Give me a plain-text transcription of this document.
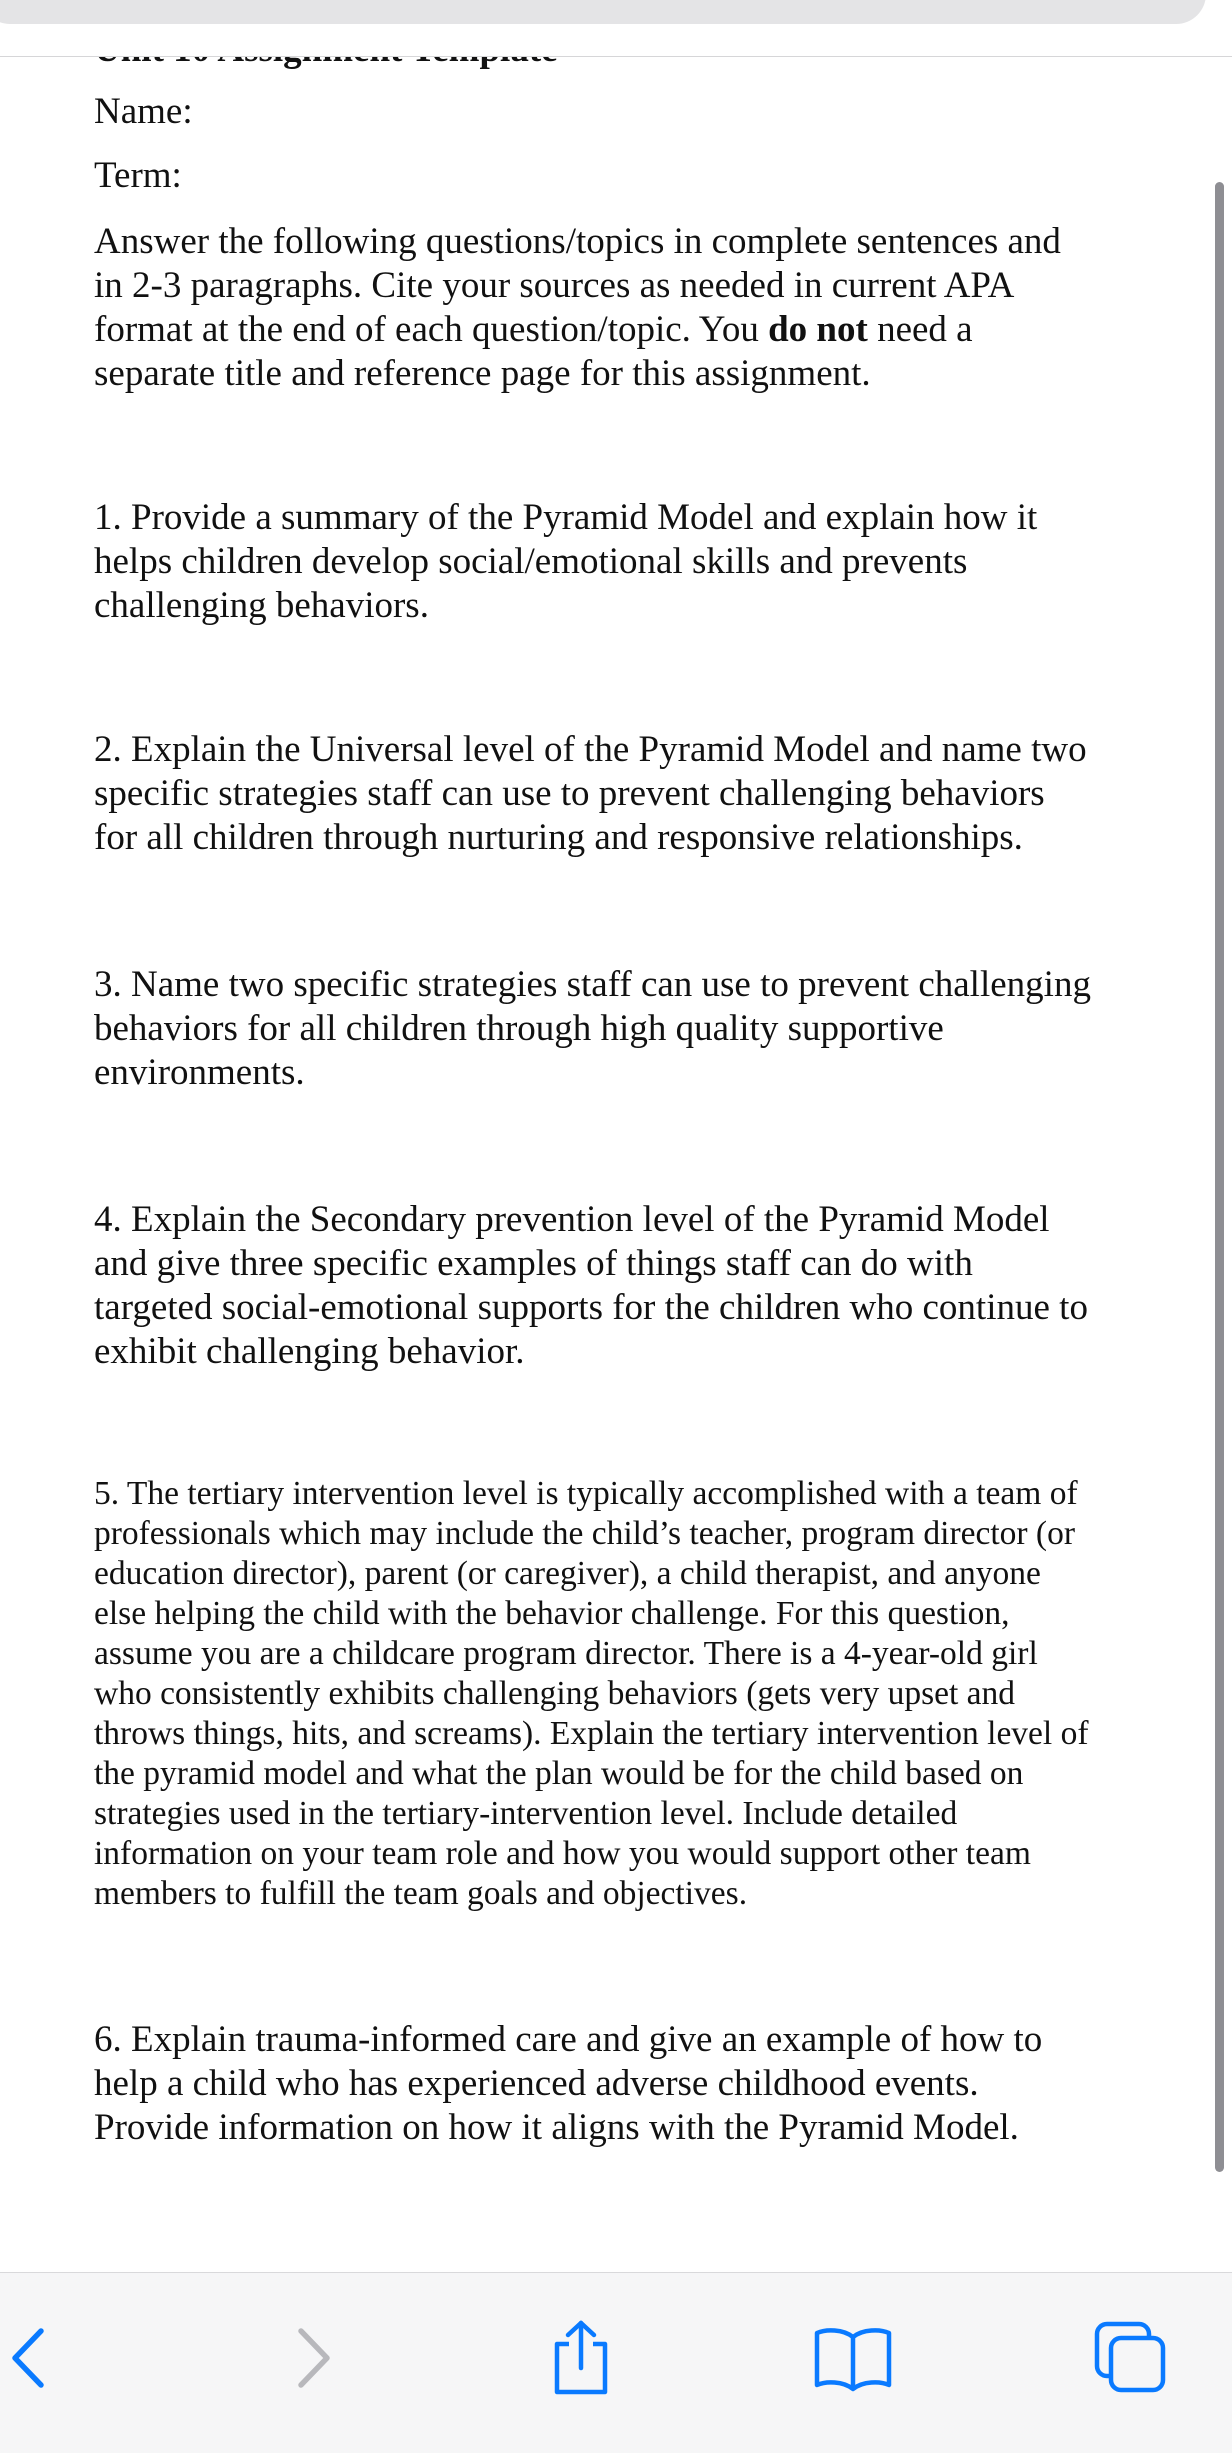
Name:

Term:

Answer the following questions/topics in complete sentences and in 2-3 paragraphs. Cite your sources as needed in current APA format at the end of each question/topic. You do not need a separate title and reference page for this assignment.

1. Provide a summary of the Pyramid Model and explain how it helps children develop social/emotional skills and prevents challenging behaviors.

2. Explain the Universal level of the Pyramid Model and name two specific strategies staff can use to prevent challenging behaviors for all children through nurturing and responsive relationships.

3. Name two specific strategies staff can use to prevent challenging behaviors for all children through high quality supportive environments.

4. Explain the Secondary prevention level of the Pyramid Model and give three specific examples of things staff can do with targeted social-emotional supports for the children who continue to exhibit challenging behavior.

5. The tertiary intervention level is typically accomplished with a team of professionals which may include the child’s teacher, program director (or education director), parent (or caregiver), a child therapist, and anyone else helping the child with the behavior challenge. For this question, assume you are a childcare program director. There is a 4-year-old girl who consistently exhibits challenging behaviors (gets very upset and throws things, hits, and screams). Explain the tertiary intervention level of the pyramid model and what the plan would be for the child based on strategies used in the tertiary-intervention level. Include detailed information on your team role and how you would support other team members to fulfill the team goals and objectives.

6. Explain trauma-informed care and give an example of how to help a child who has experienced adverse childhood events. Provide information on how it aligns with the Pyramid Model.
